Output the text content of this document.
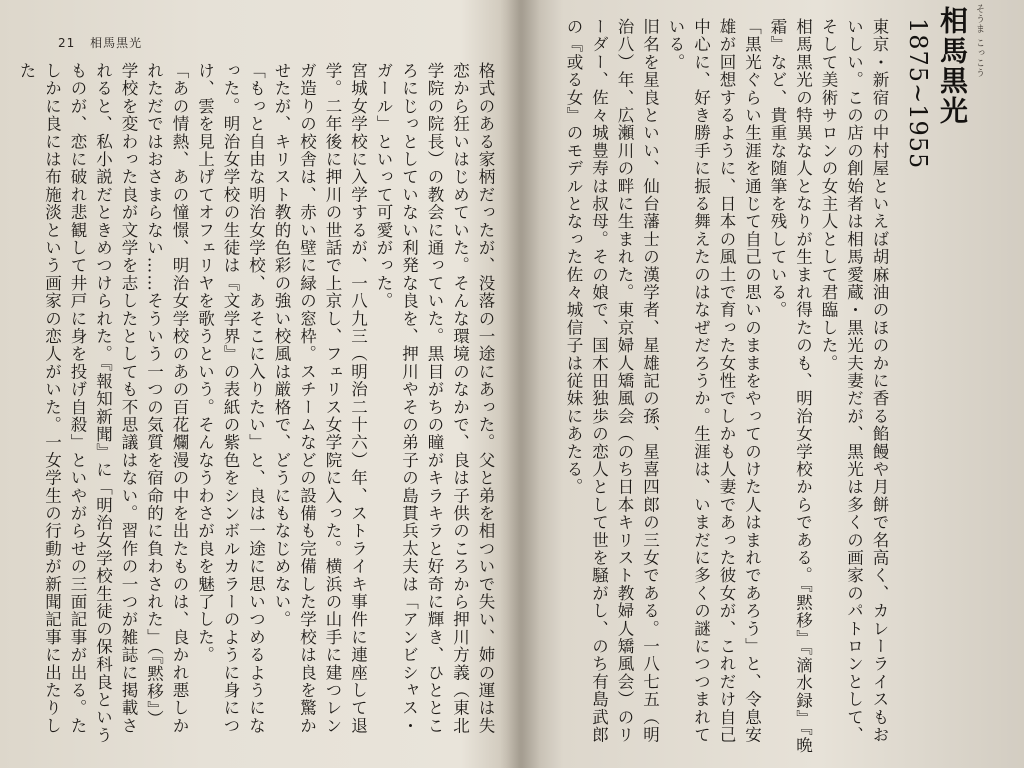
21 相馬黒光
格式のある家柄だったが、没落の一途にあった。父と弟を相ついで失い、姉の運は失恋から狂いはじめていた。そんな環境のなかで、良は子供のころから押川方義（東北学院の院長）の教会に通っていた。黒目がちの瞳がキラキラと好奇に輝き、ひとところにじっとしていない利発な良を、押川やその弟子の島貫兵太夫は「アンビシャス・ガール」といって可愛がった。
宮城女学校に入学するが、一八九三（明治二十六）年、ストライキ事件に連座して退学。二年後に押川の世話で上京し、フェリス女学院に入った。横浜の山手に建つレンガ造りの校舎は、赤い壁に緑の窓枠。スチームなどの設備も完備した学校は良を驚かせたが、キリスト教的色彩の強い校風は厳格で、どうにもなじめない。
「もっと自由な明治女学校、あそこに入りたい」と、良は一途に思いつめるようになった。明治女学校の生徒は『文学界』の表紙の紫色をシンボルカラーのように身につけ、雲を見上げてオフェリヤを歌うという。そんなうわさが良を魅了した。
「あの情熱、あの憧憬、明治女学校のあの百花爛漫の中を出たものは、良かれ悪しかれただではおさまらない……そういう一つの気質を宿命的に負わされた」（『黙移』）
学校を変わった良が文学を志したとしても不思議はない。習作の一つが雑誌に掲載されると、私小説だときめつけられた。『報知新聞』に「明治女学校生徒の保科良というものが、恋に破れ悲観して井戸に身を投げ自殺」といやがらせの三面記事が出る。たしかに良には布施淡という画家の恋人がいた。一女学生の行動が新聞記事に出たりした	そうま こっこう
相馬黒光
1875~1955
東京・新宿の中村屋といえば胡麻油のほのかに香る餡饅や月餅で名高く、カレーライスもおいしい。この店の創始者は相馬愛蔵・黒光夫妻だが、黒光は多くの画家のパトロンとして、そして美術サロンの女主人として君臨した。
相馬黒光の特異な人となりが生まれ得たのも、明治女学校からである。『黙移』『滴水録』『晩霜』など、貴重な随筆を残している。
「黒光ぐらい生涯を通じて自己の思いのままをやってのけた人はまれであろう」と、令息安雄が回想するように、日本の風土で育った女性でしかも人妻であった彼女が、これだけ自己中心に、好き勝手に振る舞えたのはなぜだろうか。生涯は、いまだに多くの謎につつまれている。
旧名を星良といい、仙台藩士の漢学者、星雄記の孫、星喜四郎の三女である。一八七五（明治八）年、広瀬川の畔に生まれた。東京婦人矯風会（のち日本キリスト教婦人矯風会）のリーダー、佐々城豊寿は叔母。その娘で、国木田独歩の恋人として世を騒がし、のち有島武郎の『或る女』のモデルとなった佐々城信子は従妹にあたる。
